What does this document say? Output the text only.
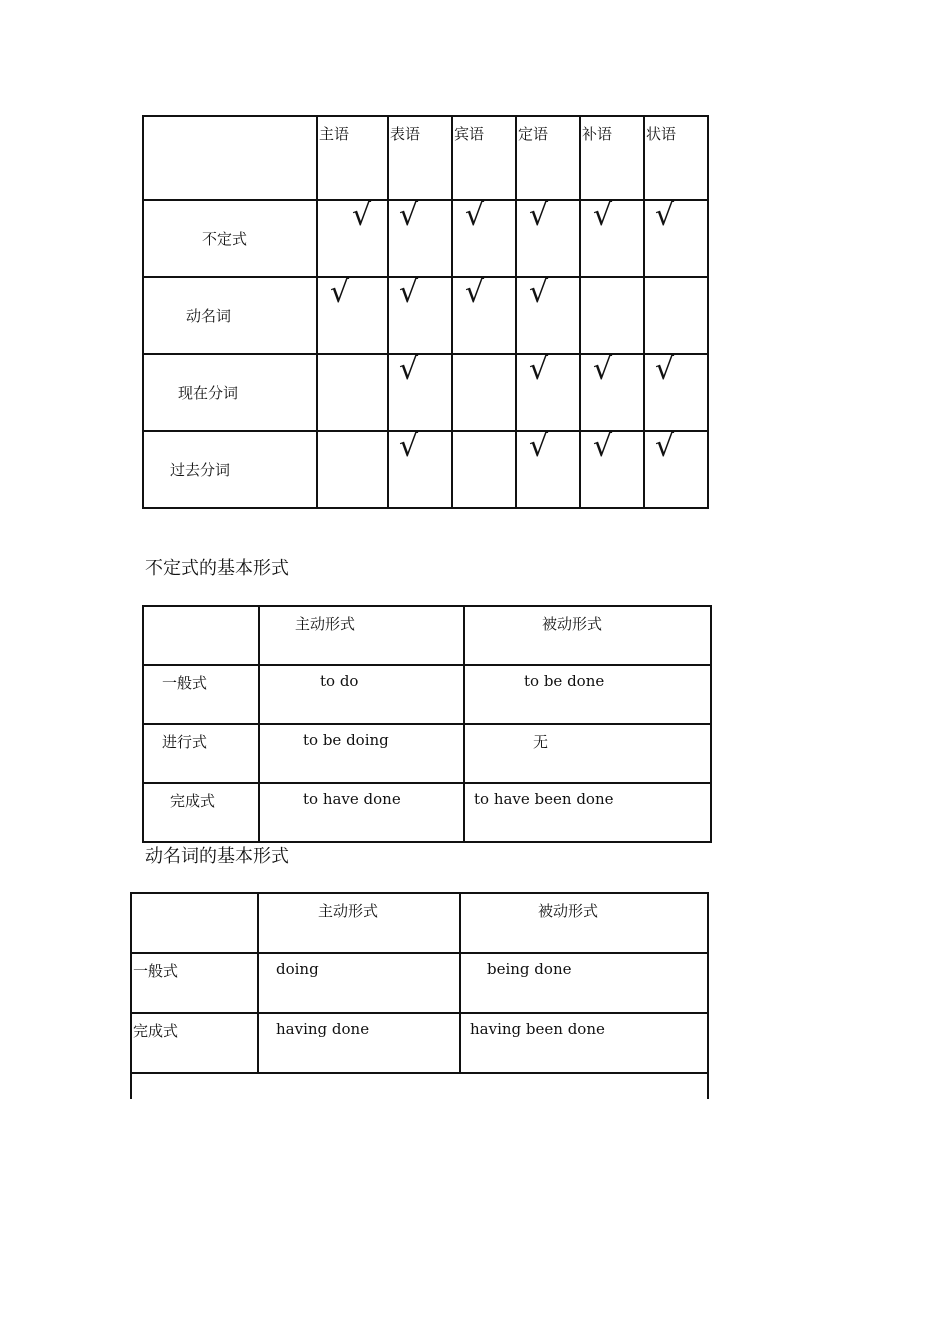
	主语	表语	宾语	定语	补语	状语
不定式	√	√	√	√	√	√
动名词	√	√	√	√		
现在分词		√		√	√	√
过去分词		√		√	√	√
不定式的基本形式
	主动形式	被动形式
一般式	to do	to be done
进行式	to be doing	无
完成式	to have done	to have been done
动名词的基本形式
	主动形式	被动形式
一般式	doing	being done
完成式	having done	having been done
